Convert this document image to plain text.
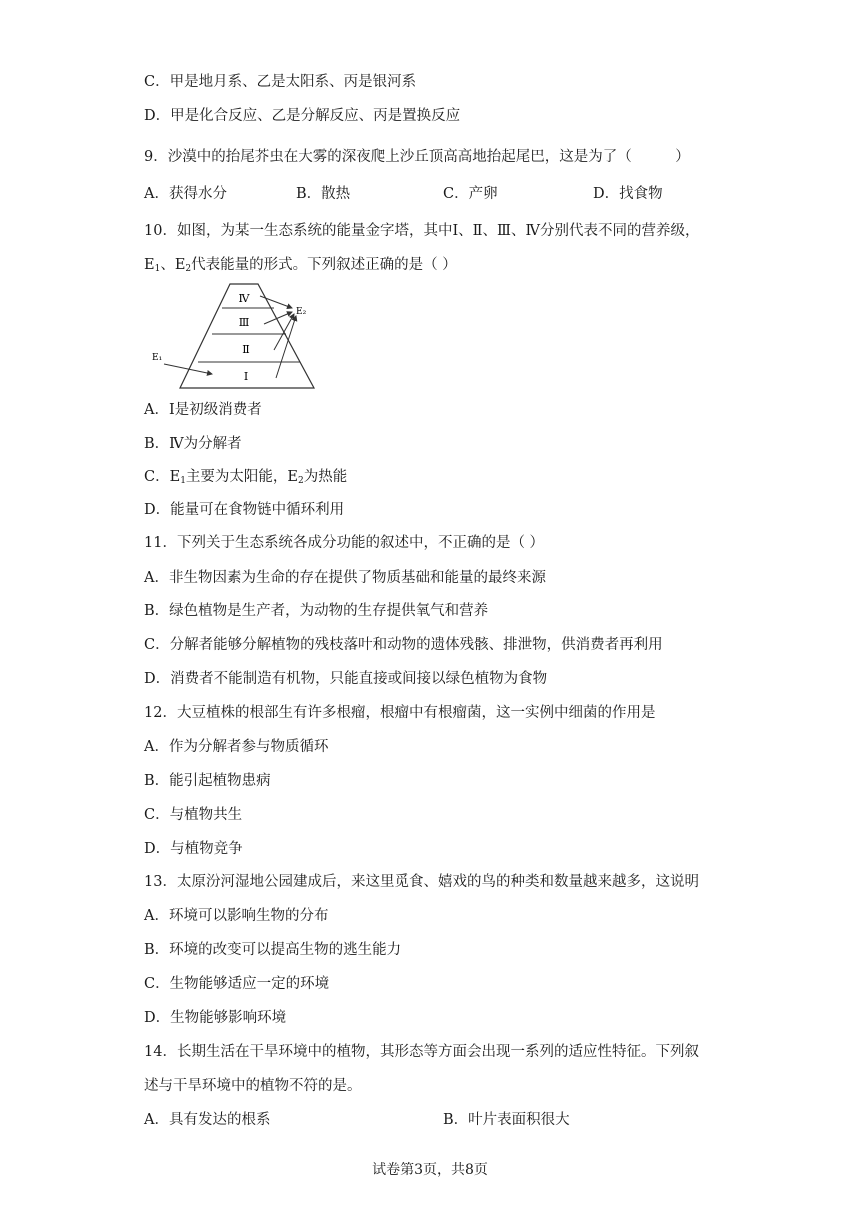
C．甲是地月系、乙是太阳系、丙是银河系
D．甲是化合反应、乙是分解反应、丙是置换反应
9．沙漠中的抬尾芥虫在大雾的深夜爬上沙丘顶高高地抬起尾巴，这是为了（　　　）
A．获得水分	B．散热	C．产卵	D．找食物
10．如图，为某一生态系统的能量金字塔，其中Ⅰ、Ⅱ、Ⅲ、Ⅳ分别代表不同的营养级，
$E_1$、$E_2$代表能量的形式。下列叙述正确的是（ ）
Ⅳ
Ⅲ
Ⅱ
Ⅰ
E₂
E₁
A．Ⅰ是初级消费者
B．Ⅳ为分解者
C．$E_1$主要为太阳能，$E_2$为热能
D．能量可在食物链中循环利用
11．下列关于生态系统各成分功能的叙述中，不正确的是（ ）
A．非生物因素为生命的存在提供了物质基础和能量的最终来源
B．绿色植物是生产者，为动物的生存提供氧气和营养
C．分解者能够分解植物的残枝落叶和动物的遗体残骸、排泄物，供消费者再利用
D．消费者不能制造有机物，只能直接或间接以绿色植物为食物
12．大豆植株的根部生有许多根瘤，根瘤中有根瘤菌，这一实例中细菌的作用是
A．作为分解者参与物质循环
B．能引起植物患病
C．与植物共生
D．与植物竞争
13．太原汾河湿地公园建成后，来这里觅食、嬉戏的鸟的种类和数量越来越多，这说明
A．环境可以影响生物的分布
B．环境的改变可以提高生物的逃生能力
C．生物能够适应一定的环境
D．生物能够影响环境
14．长期生活在干旱环境中的植物，其形态等方面会出现一系列的适应性特征。下列叙
述与干旱环境中的植物不符的是。
A．具有发达的根系	B．叶片表面积很大
试卷第3页，共8页
